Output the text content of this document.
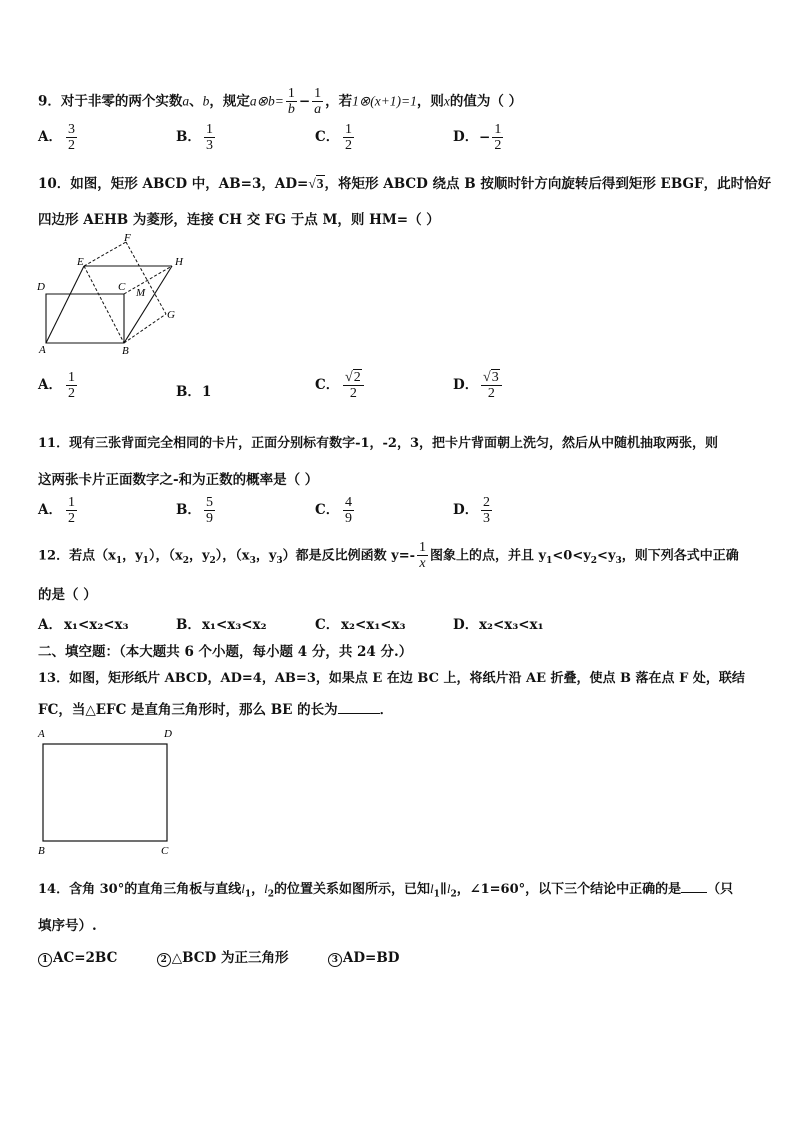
9．对于非零的两个实数a、b，规定a⊗b= $\frac{1}{b} - \frac{1}{a}$ ，若1⊗(x+1)=1，则x的值为（ ）
A． $\frac{3}{2}$	B． $\frac{1}{3}$	C． $\frac{1}{2}$	D．− $\frac{1}{2}$
10．如图，矩形 ABCD 中，AB=3，AD=√3，将矩形 ABCD 绕点 B 按顺时针方向旋转后得到矩形 EBGF，此时恰好
四边形 AEHB 为菱形，连接 CH 交 FG 于点 M，则 HM=（ ）
F
E	H
D	C M
G
A	B
A． $\frac{1}{2}$	B．1	C． $\frac{√2}{2}$	D． $\frac{√3}{2}$
11．现有三张背面完全相同的卡片，正面分别标有数字-1，-2，3，把卡片背面朝上洗匀，然后从中随机抽取两张，则
这两张卡片正面数字之-和为正数的概率是（ ）
A． $\frac{1}{2}$	B． $\frac{5}{9}$	C． $\frac{4}{9}$	D． $\frac{2}{3}$
12．若点（$x_1$，$y_1$），（$x_2$，$y_2$），（$x_3$，$y_3$）都是反比例函数 $y=- \frac{1}{x}$ 图象上的点，并且 $y_1<0<y_2<y_3$，则下列各式中正确
的是（ ）
A． x₁<x₂<x₃	B．x₁<x₃<x₂	C． x₂<x₁<x₃	D．x₂<x₃<x₁
二、填空题：（本大题共 6 个小题，每小题 4 分，共 24 分.）
13．如图，矩形纸片 ABCD，AD=4，AB=3，如果点 E 在边 BC 上，将纸片沿 AE 折叠，使点 B 落在点 F 处，联结
FC，当△EFC 是直角三角形时，那么 BE 的长为	．
A	D
B	C
14．含角 30°的直角三角板与直线$l_1$，$l_2$的位置关系如图所示，已知$l_1\parallel l_2$，∠1=60°，以下三个结论中正确的是 （只
填序号）.
1 AC=2BC	2 △BCD 为正三角形	3 AD=BD
